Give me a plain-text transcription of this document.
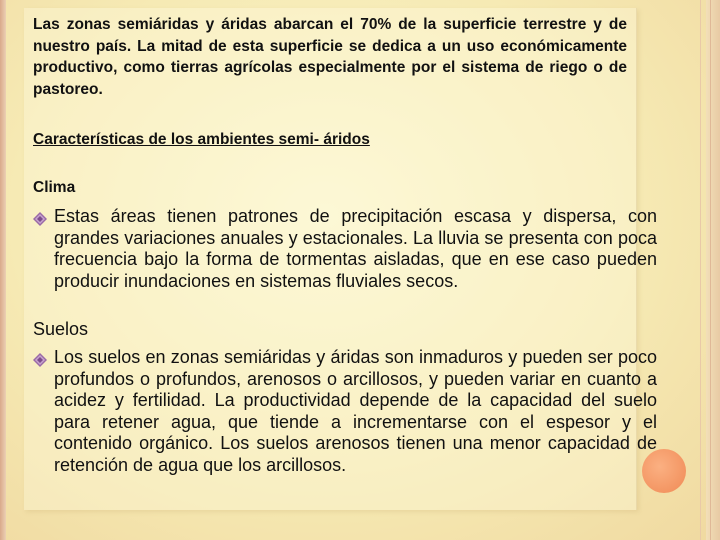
Las zonas semiáridas y áridas abarcan el 70% de la superficie terrestre y de nuestro país. La mitad de esta superficie se dedica a un uso económicamente productivo, como tierras agrícolas especialmente por el sistema de riego o de pastoreo.

Características de los ambientes semi- áridos

Clima

Estas áreas tienen patrones de precipitación escasa y dispersa, con grandes variaciones anuales y estacionales. La lluvia se presenta con poca frecuencia bajo la forma de tormentas aisladas, que en ese caso pueden producir inundaciones en sistemas fluviales secos.

Suelos

Los suelos en zonas semiáridas y áridas son inmaduros y pueden ser poco profundos o profundos, arenosos o arcillosos, y pueden variar en cuanto a acidez y fertilidad. La productividad depende de la capacidad del suelo para retener agua, que tiende a incrementarse con el espesor y el contenido orgánico. Los suelos arenosos tienen una menor capacidad de retención de agua que los arcillosos.
